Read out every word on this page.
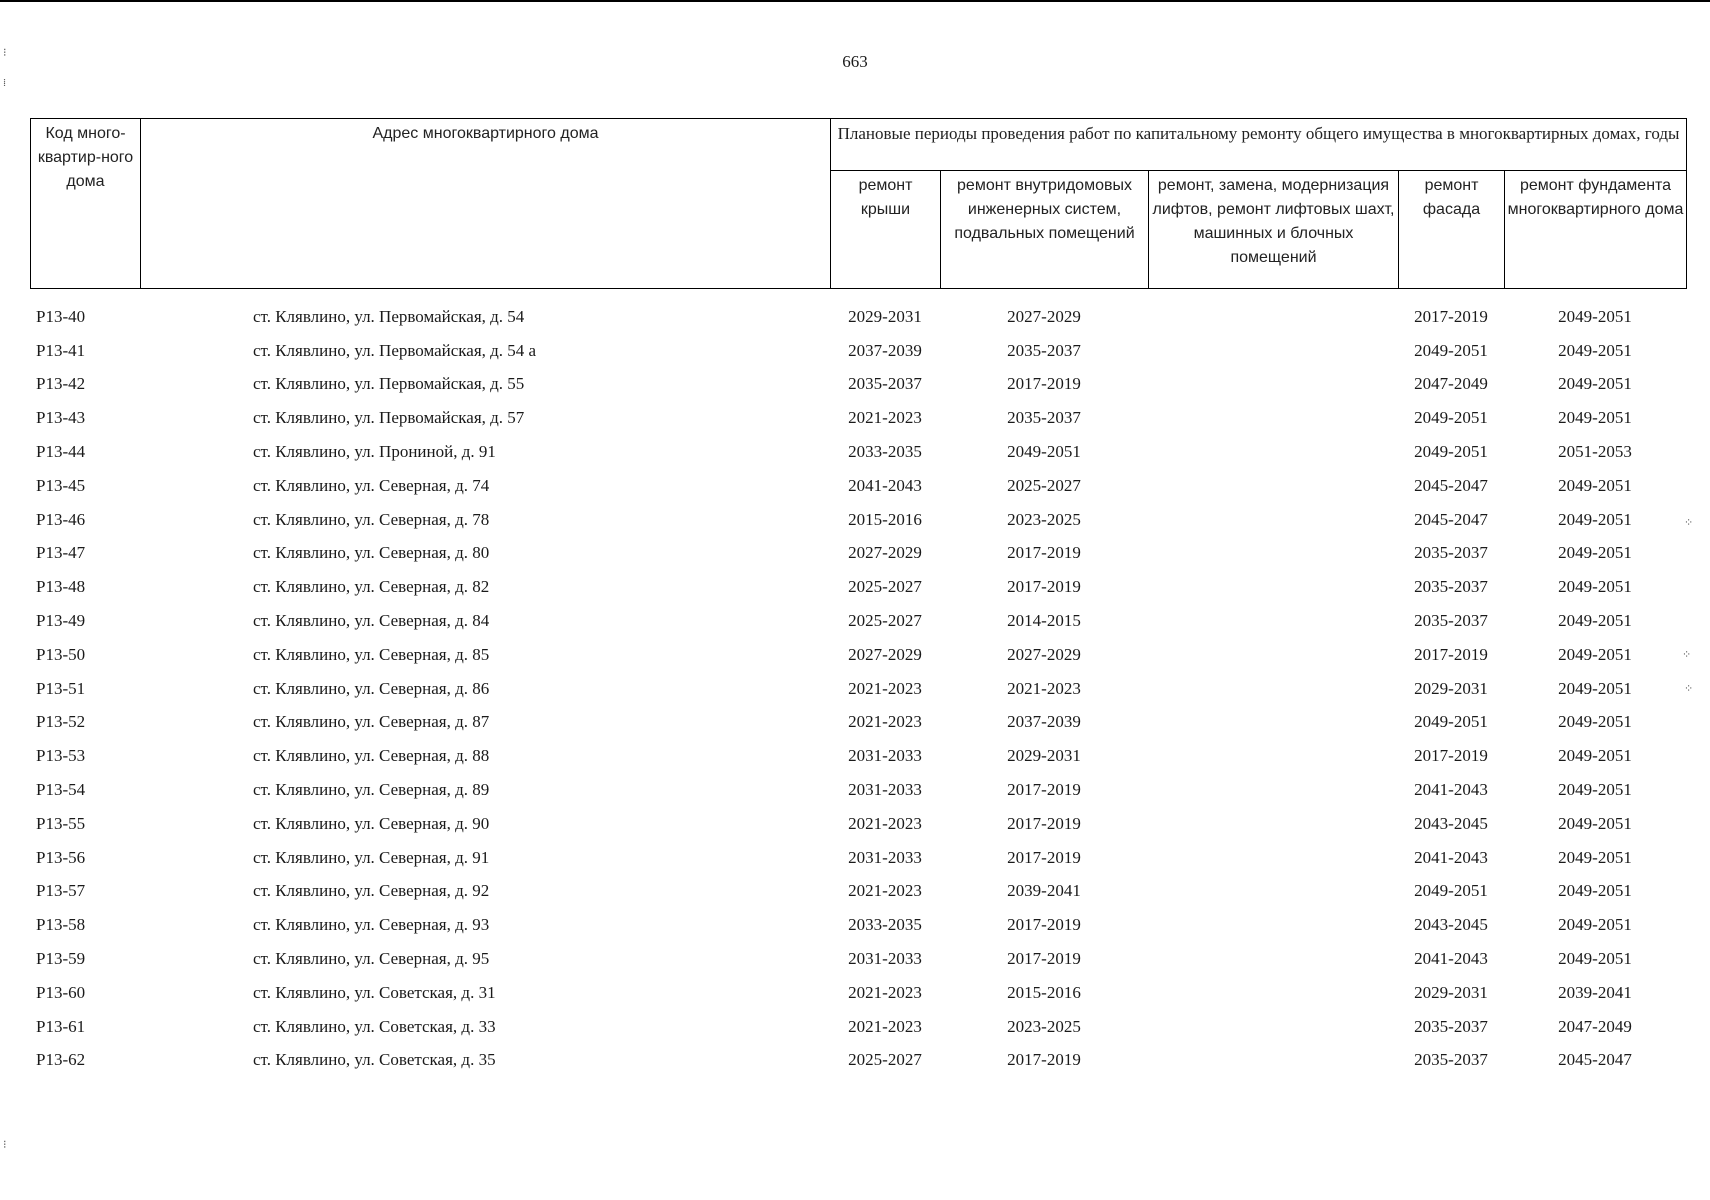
663
⁝
⁞
⁝
⁘
⁘
⁘
Код много-квартир-ного дома	Адрес многоквартирного дома	Плановые периоды проведения работ по капитальному ремонту общего имущества в многоквартирных домах, годы				
		ремонт крыши	ремонт внутридомовых инженерных систем, подвальных помещений	ремонт, замена, модернизация лифтов, ремонт лифтовых шахт, машинных и блочных помещений	ремонт фасада	ремонт фундамента многоквартирного дома
Р13-40	ст. Клявлино, ул. Первомайская, д. 54	2029-2031	2027-2029		2017-2019	2049-2051
Р13-41	ст. Клявлино, ул. Первомайская, д. 54 а	2037-2039	2035-2037		2049-2051	2049-2051
Р13-42	ст. Клявлино, ул. Первомайская, д. 55	2035-2037	2017-2019		2047-2049	2049-2051
Р13-43	ст. Клявлино, ул. Первомайская, д. 57	2021-2023	2035-2037		2049-2051	2049-2051
Р13-44	ст. Клявлино, ул. Прониной, д. 91	2033-2035	2049-2051		2049-2051	2051-2053
Р13-45	ст. Клявлино, ул. Северная, д. 74	2041-2043	2025-2027		2045-2047	2049-2051
Р13-46	ст. Клявлино, ул. Северная, д. 78	2015-2016	2023-2025		2045-2047	2049-2051
Р13-47	ст. Клявлино, ул. Северная, д. 80	2027-2029	2017-2019		2035-2037	2049-2051
Р13-48	ст. Клявлино, ул. Северная, д. 82	2025-2027	2017-2019		2035-2037	2049-2051
Р13-49	ст. Клявлино, ул. Северная, д. 84	2025-2027	2014-2015		2035-2037	2049-2051
Р13-50	ст. Клявлино, ул. Северная, д. 85	2027-2029	2027-2029		2017-2019	2049-2051
Р13-51	ст. Клявлино, ул. Северная, д. 86	2021-2023	2021-2023		2029-2031	2049-2051
Р13-52	ст. Клявлино, ул. Северная, д. 87	2021-2023	2037-2039		2049-2051	2049-2051
Р13-53	ст. Клявлино, ул. Северная, д. 88	2031-2033	2029-2031		2017-2019	2049-2051
Р13-54	ст. Клявлино, ул. Северная, д. 89	2031-2033	2017-2019		2041-2043	2049-2051
Р13-55	ст. Клявлино, ул. Северная, д. 90	2021-2023	2017-2019		2043-2045	2049-2051
Р13-56	ст. Клявлино, ул. Северная, д. 91	2031-2033	2017-2019		2041-2043	2049-2051
Р13-57	ст. Клявлино, ул. Северная, д. 92	2021-2023	2039-2041		2049-2051	2049-2051
Р13-58	ст. Клявлино, ул. Северная, д. 93	2033-2035	2017-2019		2043-2045	2049-2051
Р13-59	ст. Клявлино, ул. Северная, д. 95	2031-2033	2017-2019		2041-2043	2049-2051
Р13-60	ст. Клявлино, ул. Советская, д. 31	2021-2023	2015-2016		2029-2031	2039-2041
Р13-61	ст. Клявлино, ул. Советская, д. 33	2021-2023	2023-2025		2035-2037	2047-2049
Р13-62	ст. Клявлино, ул. Советская, д. 35	2025-2027	2017-2019		2035-2037	2045-2047
